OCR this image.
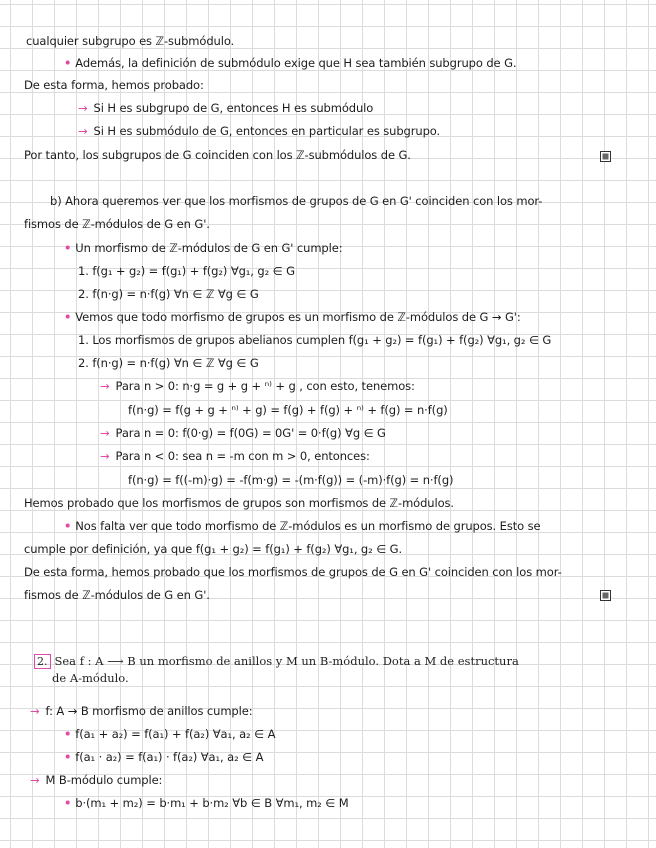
cualquier subgrupo es ℤ-submódulo.
• Además, la definición de submódulo exige que H sea también subgrupo de G.
De esta forma, hemos probado:
→ Si H es subgrupo de G, entonces H es submódulo
→ Si H es submódulo de G, entonces en particular es subgrupo.
Por tanto, los subgrupos de G coinciden con los ℤ-submódulos de G.
b) Ahora queremos ver que los morfismos de grupos de G en G' coinciden con los mor-
fismos de ℤ-módulos de G en G'.
• Un morfismo de ℤ-módulos de G en G' cumple:
1. f(g₁ + g₂) = f(g₁) + f(g₂) ∀g₁, g₂ ∈ G
2. f(n·g) = n·f(g) ∀n ∈ ℤ ∀g ∈ G
• Vemos que todo morfismo de grupos es un morfismo de ℤ-módulos de G → G':
1. Los morfismos de grupos abelianos cumplen f(g₁ + g₂) = f(g₁) + f(g₂) ∀g₁, g₂ ∈ G
2. f(n·g) = n·f(g) ∀n ∈ ℤ ∀g ∈ G
→ Para n > 0: n·g = g + g + ⁿ⁾ + g , con esto, tenemos:
f(n·g) = f(g + g + ⁿ⁾ + g) = f(g) + f(g) + ⁿ⁾ + f(g) = n·f(g)
→ Para n = 0: f(0·g) = f(0G) = 0G' = 0·f(g) ∀g ∈ G
→ Para n < 0: sea n = -m con m > 0, entonces:
f(n·g) = f((-m)·g) = -f(m·g) = -(m·f(g)) = (-m)·f(g) = n·f(g)
Hemos probado que los morfismos de grupos son morfismos de ℤ-módulos.
• Nos falta ver que todo morfismo de ℤ-módulos es un morfismo de grupos. Esto se
cumple por definición, ya que f(g₁ + g₂) = f(g₁) + f(g₂) ∀g₁, g₂ ∈ G.
De esta forma, hemos probado que los morfismos de grupos de G en G' coinciden con los mor-
fismos de ℤ-módulos de G en G'.
2. Sea f : A ⟶ B un morfismo de anillos y M un B-módulo. Dota a M de estructura
de A-módulo.
→ f: A → B morfismo de anillos cumple:
• f(a₁ + a₂) = f(a₁) + f(a₂) ∀a₁, a₂ ∈ A
• f(a₁ · a₂) = f(a₁) · f(a₂) ∀a₁, a₂ ∈ A
→ M B-módulo cumple:
• b·(m₁ + m₂) = b·m₁ + b·m₂ ∀b ∈ B ∀m₁, m₂ ∈ M
